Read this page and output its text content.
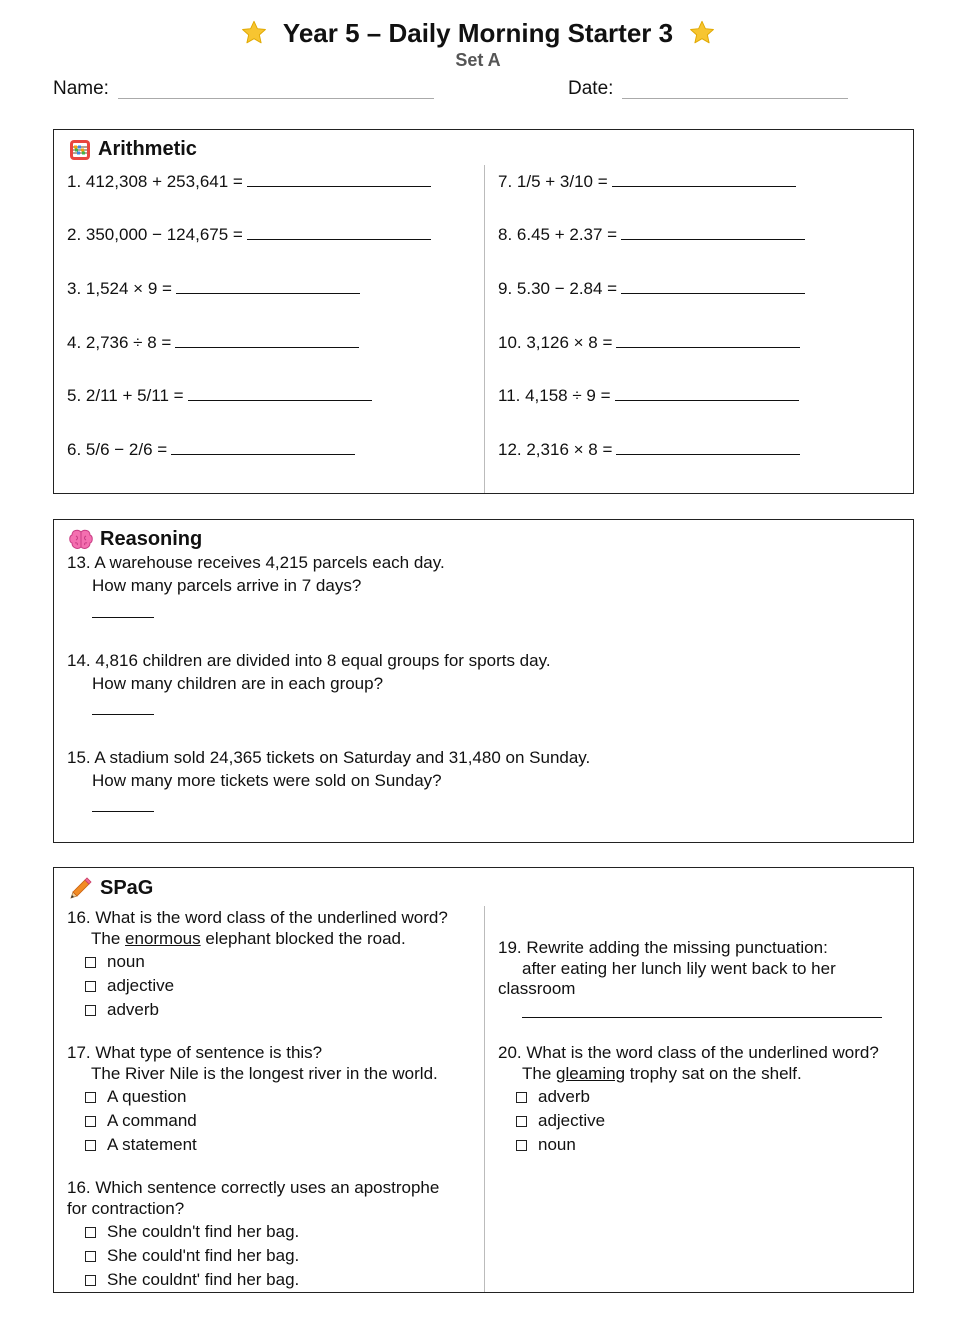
Year 5 – Daily Morning Starter 3
Set A
Name:	Date:
Arithmetic
1. 412,308 + 253,641 =
2. 350,000 − 124,675 =
3. 1,524 × 9 =
4. 2,736 ÷ 8 =
5. 2/11 + 5/11 =
6. 5/6 − 2/6 =
7. 1/5 + 3/10 =
8. 6.45 + 2.37 =
9. 5.30 − 2.84 =
10. 3,126 × 8 =
11. 4,158 ÷ 9 =
12. 2,316 × 8 =
Reasoning
13. A warehouse receives 4,215 parcels each day.
How many parcels arrive in 7 days?
14. 4,816 children are divided into 8 equal groups for sports day.
How many children are in each group?
15. A stadium sold 24,365 tickets on Saturday and 31,480 on Sunday.
How many more tickets were sold on Sunday?
SPaG
16. What is the word class of the underlined word?
The enormous elephant blocked the road.
noun
adjective
adverb
17. What type of sentence is this?
The River Nile is the longest river in the world.
A question
A command
A statement
16. Which sentence correctly uses an apostrophe
for contraction?
She couldn't find her bag.
She could'nt find her bag.
She couldnt' find her bag.
19. Rewrite adding the missing punctuation:
after eating her lunch lily went back to her
classroom
20. What is the word class of the underlined word?
The gleaming trophy sat on the shelf.
adverb
adjective
noun
